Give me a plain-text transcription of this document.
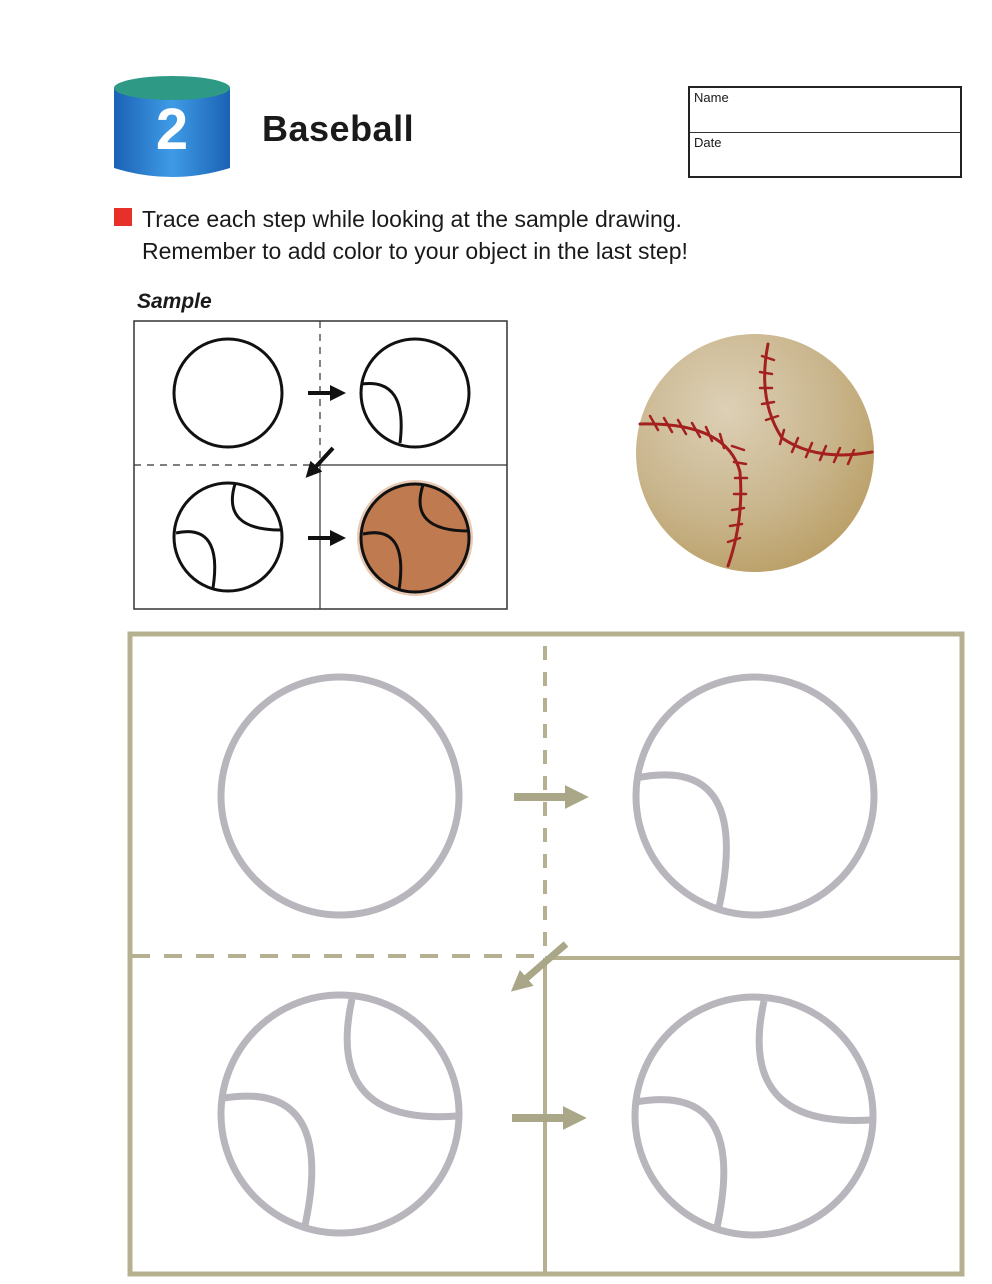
2	Baseball
Name
Date
Trace each step while looking at the sample drawing.
Remember to add color to your object in the last step!
Sample
